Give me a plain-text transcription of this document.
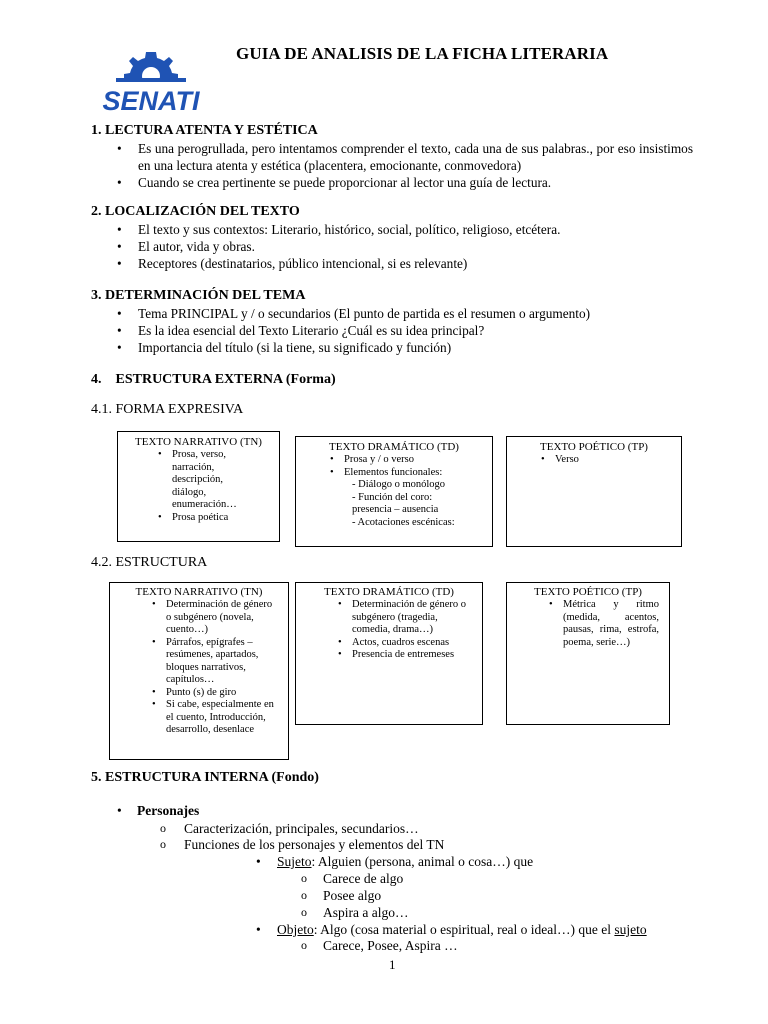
SENATI
GUIA DE ANALISIS DE LA FICHA LITERARIA
1. LECTURA ATENTA Y ESTÉTICA
• Es una perogrullada, pero intentamos comprender el texto, cada una de sus palabras., por eso insistimos en una lectura atenta y estética (placentera, emocionante, conmovedora)
• Cuando se crea pertinente se puede proporcionar al lector una guía de lectura.
2. LOCALIZACIÓN DEL TEXTO
• El texto y sus contextos: Literario, histórico, social, político, religioso, etcétera.
• El autor, vida y obras.
• Receptores (destinatarios, público intencional, si es relevante)
3. DETERMINACIÓN DEL TEMA
• Tema PRINCIPAL y / o secundarios (El punto de partida es el resumen o argumento)
• Es la idea esencial del Texto Literario ¿Cuál es su idea principal?
• Importancia del título (si la tiene, su significado y función)
4.    ESTRUCTURA EXTERNA (Forma)
4.1. FORMA EXPRESIVA
TEXTO NARRATIVO (TN)
• Prosa, verso, narración, descripción, diálogo, enumeración…
• Prosa poética
TEXTO DRAMÁTICO (TD)
• Prosa y / o verso
• Elementos funcionales:
- Diálogo o monólogo
- Función del coro: presencia – ausencia
- Acotaciones escénicas:
TEXTO POÉTICO (TP)
• Verso
4.2. ESTRUCTURA
TEXTO NARRATIVO (TN)
• Determinación de género o subgénero (novela, cuento…)
• Párrafos, epígrafes – resúmenes, apartados, bloques narrativos, capítulos…
• Punto (s) de giro
• Si cabe, especialmente en el cuento, Introducción, desarrollo, desenlace
TEXTO DRAMÁTICO (TD)
• Determinación de género o subgénero (tragedia, comedia, drama…)
• Actos, cuadros escenas
• Presencia de entremeses
TEXTO POÉTICO (TP)
• Métrica y ritmo (medida, acentos, pausas, rima, estrofa, poema, serie…)
5. ESTRUCTURA INTERNA (Fondo)
• Personajes
o Caracterización, principales, secundarios…
o Funciones de los personajes y elementos del TN
• Sujeto: Alguien (persona, animal o cosa…) que
o Carece de algo
o Posee algo
o Aspira a algo…
• Objeto: Algo (cosa material o espiritual, real o ideal…) que el sujeto
o Carece, Posee, Aspira …
1
